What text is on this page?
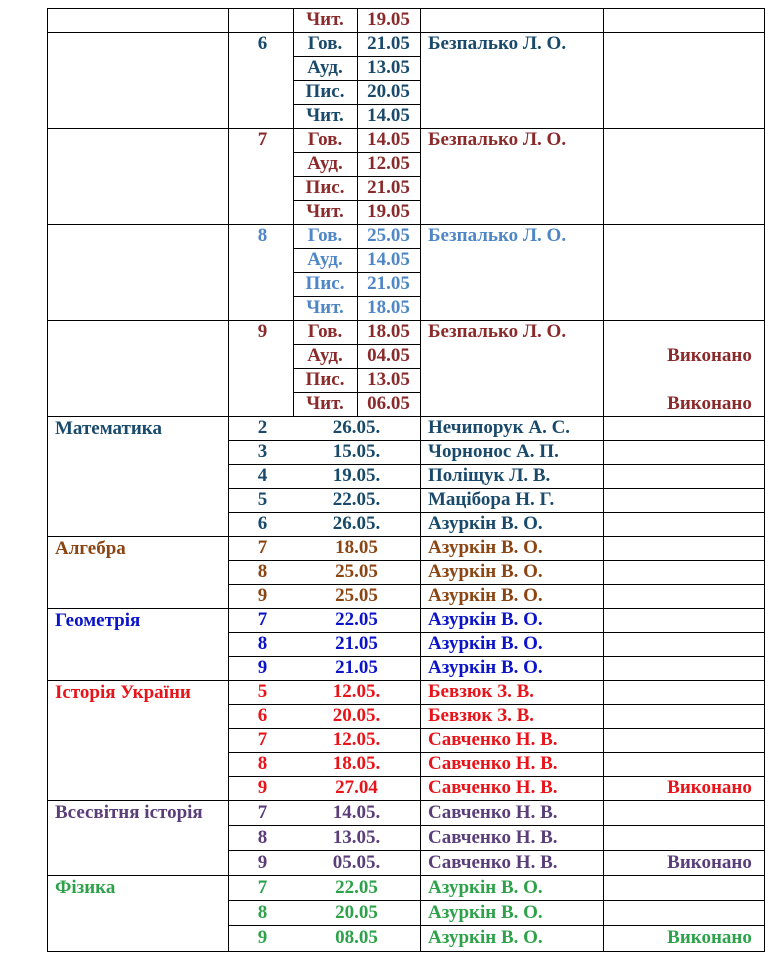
Чит. 19.05
6 Гов. 21.05 Безпалько Л. О.
Ауд. 13.05
Пис. 20.05
Чит. 14.05
7 Гов. 14.05 Безпалько Л. О.
Ауд. 12.05
Пис. 21.05
Чит. 19.05
8 Гов. 25.05 Безпалько Л. О.
Ауд. 14.05
Пис. 21.05
Чит. 18.05
9 Гов. 18.05 Безпалько Л. О.
Ауд. 04.05	Виконано
Пис. 13.05
Чит. 06.05	Виконано
Математика	2	26.05.	Нечипорук А. С.
3	15.05.	Чорнонос А. П.
4	19.05.	Поліщук Л. В.
5	22.05.	Мацібора Н. Г.
6	26.05.	Азуркін В. О.
Алгебра	7	18.05	Азуркін В. О.
8	25.05	Азуркін В. О.
9	25.05	Азуркін В. О.
Геометрія	7	22.05	Азуркін В. О.
8	21.05	Азуркін В. О.
9	21.05	Азуркін В. О.
Історія України	5	12.05.	Бевзюк З. В.
6	20.05.	Бевзюк З. В.
7	12.05.	Савченко Н. В.
8	18.05.	Савченко Н. В.
9	27.04	Савченко Н. В.	Виконано
Всесвітня історія	7	14.05.	Савченко Н. В.
8	13.05.	Савченко Н. В.
9	05.05.	Савченко Н. В.	Виконано
Фізика	7	22.05	Азуркін В. О.
8	20.05	Азуркін В. О.
9	08.05	Азуркін В. О.	Виконано
